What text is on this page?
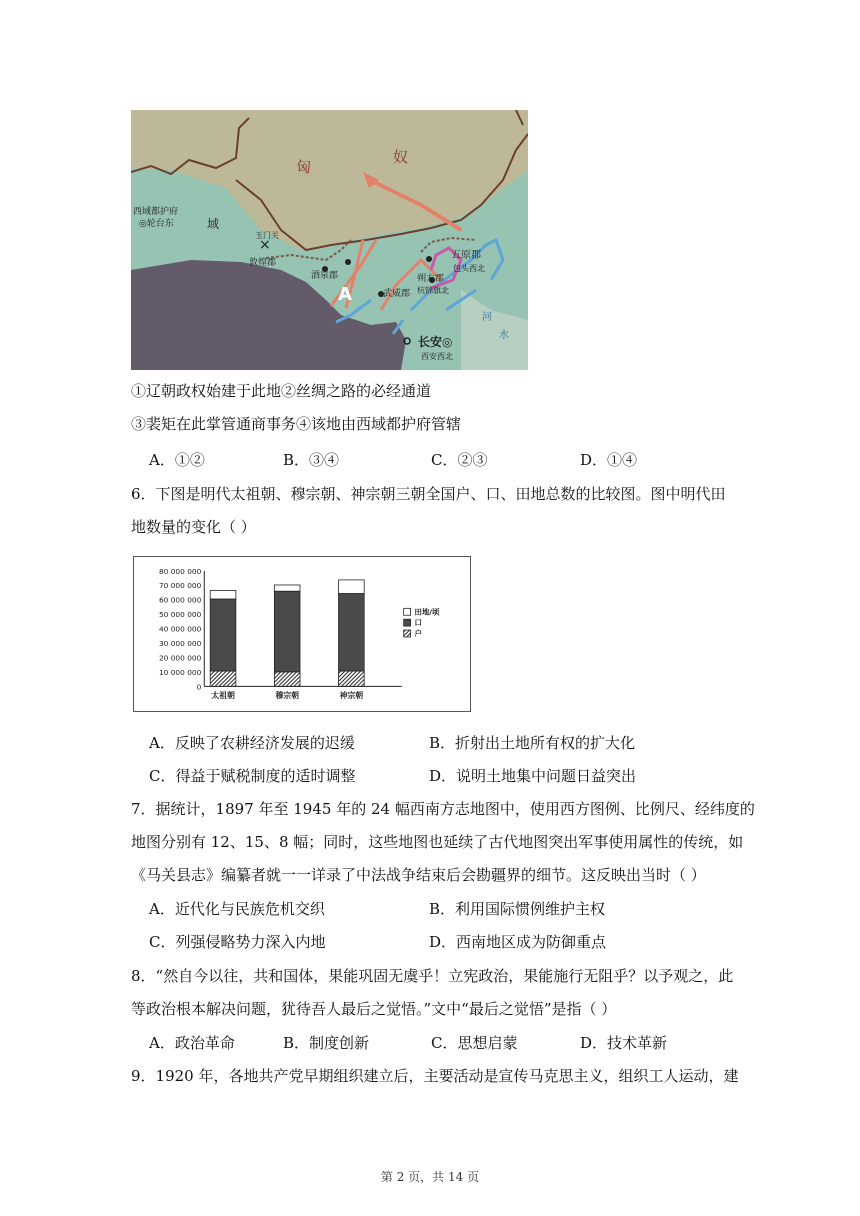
×
匈
奴
西域都护府
◎轮台东	域
玉门关
敦煌郡
酒泉郡
A	武威郡
五原郡
包头西北
朔方郡
杭锦旗北
河
水
长安◎
西安西北
①辽朝政权始建于此地②丝绸之路的必经通道
③裴矩在此掌管通商事务④该地由西域都护府管辖
A．①②	B．③④	C．②③	D．①④
6．下图是明代太祖朝、穆宗朝、神宗朝三朝全国户、口、田地总数的比较图。图中明代田
地数量的变化（ ）
80 000 000
70 000 000
60 000 000
50 000 000
40 000 000
30 000 000
20 000 000
10 000 000
0
太祖朝	穆宗朝	神宗朝
田地/顷
口
户
A．反映了农耕经济发展的迟缓	B．折射出土地所有权的扩大化
C．得益于赋税制度的适时调整	D．说明土地集中问题日益突出
7．据统计，1897 年至 1945 年的 24 幅西南方志地图中，使用西方图例、比例尺、经纬度的
地图分别有 12、15、8 幅；同时，这些地图也延续了古代地图突出军事使用属性的传统，如
《马关县志》编纂者就一一详录了中法战争结束后会勘疆界的细节。这反映出当时（ ）
A．近代化与民族危机交织	B．利用国际惯例维护主权
C．列强侵略势力深入内地	D．西南地区成为防御重点
8．“然自今以往，共和国体，果能巩固无虞乎！立宪政治，果能施行无阻乎？以予观之，此
等政治根本解决问题，犹待吾人最后之觉悟。”文中“最后之觉悟”是指（ ）
A．政治革命	B．制度创新	C．思想启蒙	D．技术革新
9．1920 年，各地共产党早期组织建立后，主要活动是宣传马克思主义，组织工人运动，建
第 2 页，共 14 页
